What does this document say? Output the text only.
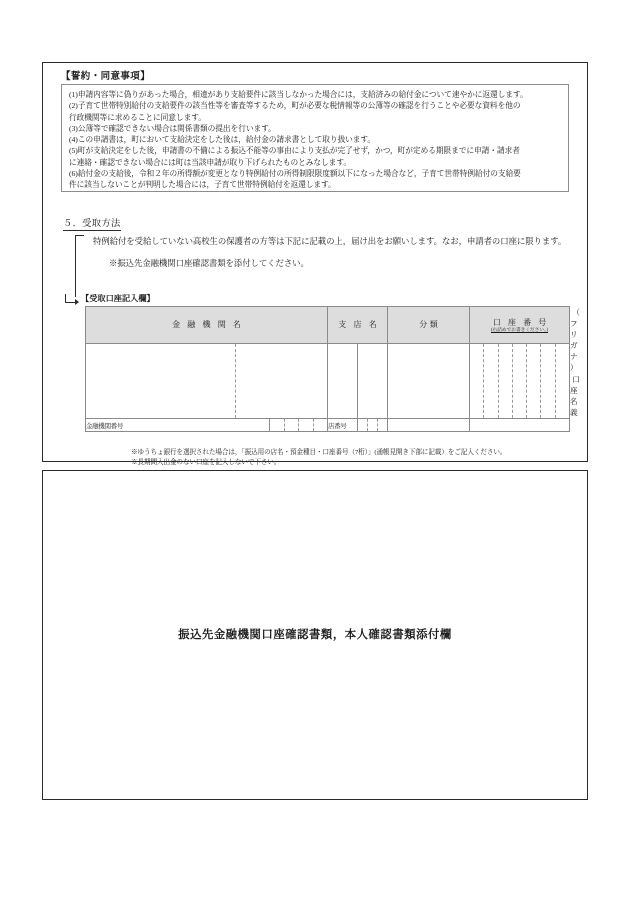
【誓約・同意事項】
(1)申請内容等に偽りがあった場合，相違があり支給要件に該当しなかった場合には，支給済みの給付金について速やかに返還します。
(2)子育て世帯特別給付の支給要件の該当性等を審査等するため，町が必要な税情報等の公簿等の確認を行うことや必要な資料を他の
行政機関等に求めることに同意します。
(3)公簿等で確認できない場合は関係書類の提出を行います。
(4)この申請書は，町において支給決定をした後は，給付金の請求書として取り扱います。
(5)町が支給決定をした後，申請書の不備による振込不能等の事由により支払が完了せず，かつ，町が定める期限までに申請・請求者
に連絡・確認できない場合には町は当該申請が取り下げられたものとみなします。
(6)給付金の支給後，令和２年の所得額が変更となり特例給付の所得制限限度額以下になった場合など，子育て世帯特例給付の支給要
件に該当しないことが判明した場合には，子育て世帯特例給付を返還します。
５．受取方法
特例給付を受給していない高校生の保護者の方等は下記に記載の上，届け出をお願いします。なお，申請者の口座に限ります。
※振込先金融機関口座確認書類を添付してください。
【受取口座記入欄】
金 融 機 関 名	支 店 名	分類	口 座 番 号
(右詰めでお書きください。)

（ フ リ ガ ナ ）
口 座 名 義

金融機関番号		店番号	

※ゆうちょ銀行を選択された場合は，「振込用の店名・預金種目・口座番号（7桁）」(通帳見開き下部に記載）をご記入ください。
※長期間入出金のない口座を記入しないで下さい。
振込先金融機関口座確認書類，本人確認書類添付欄
